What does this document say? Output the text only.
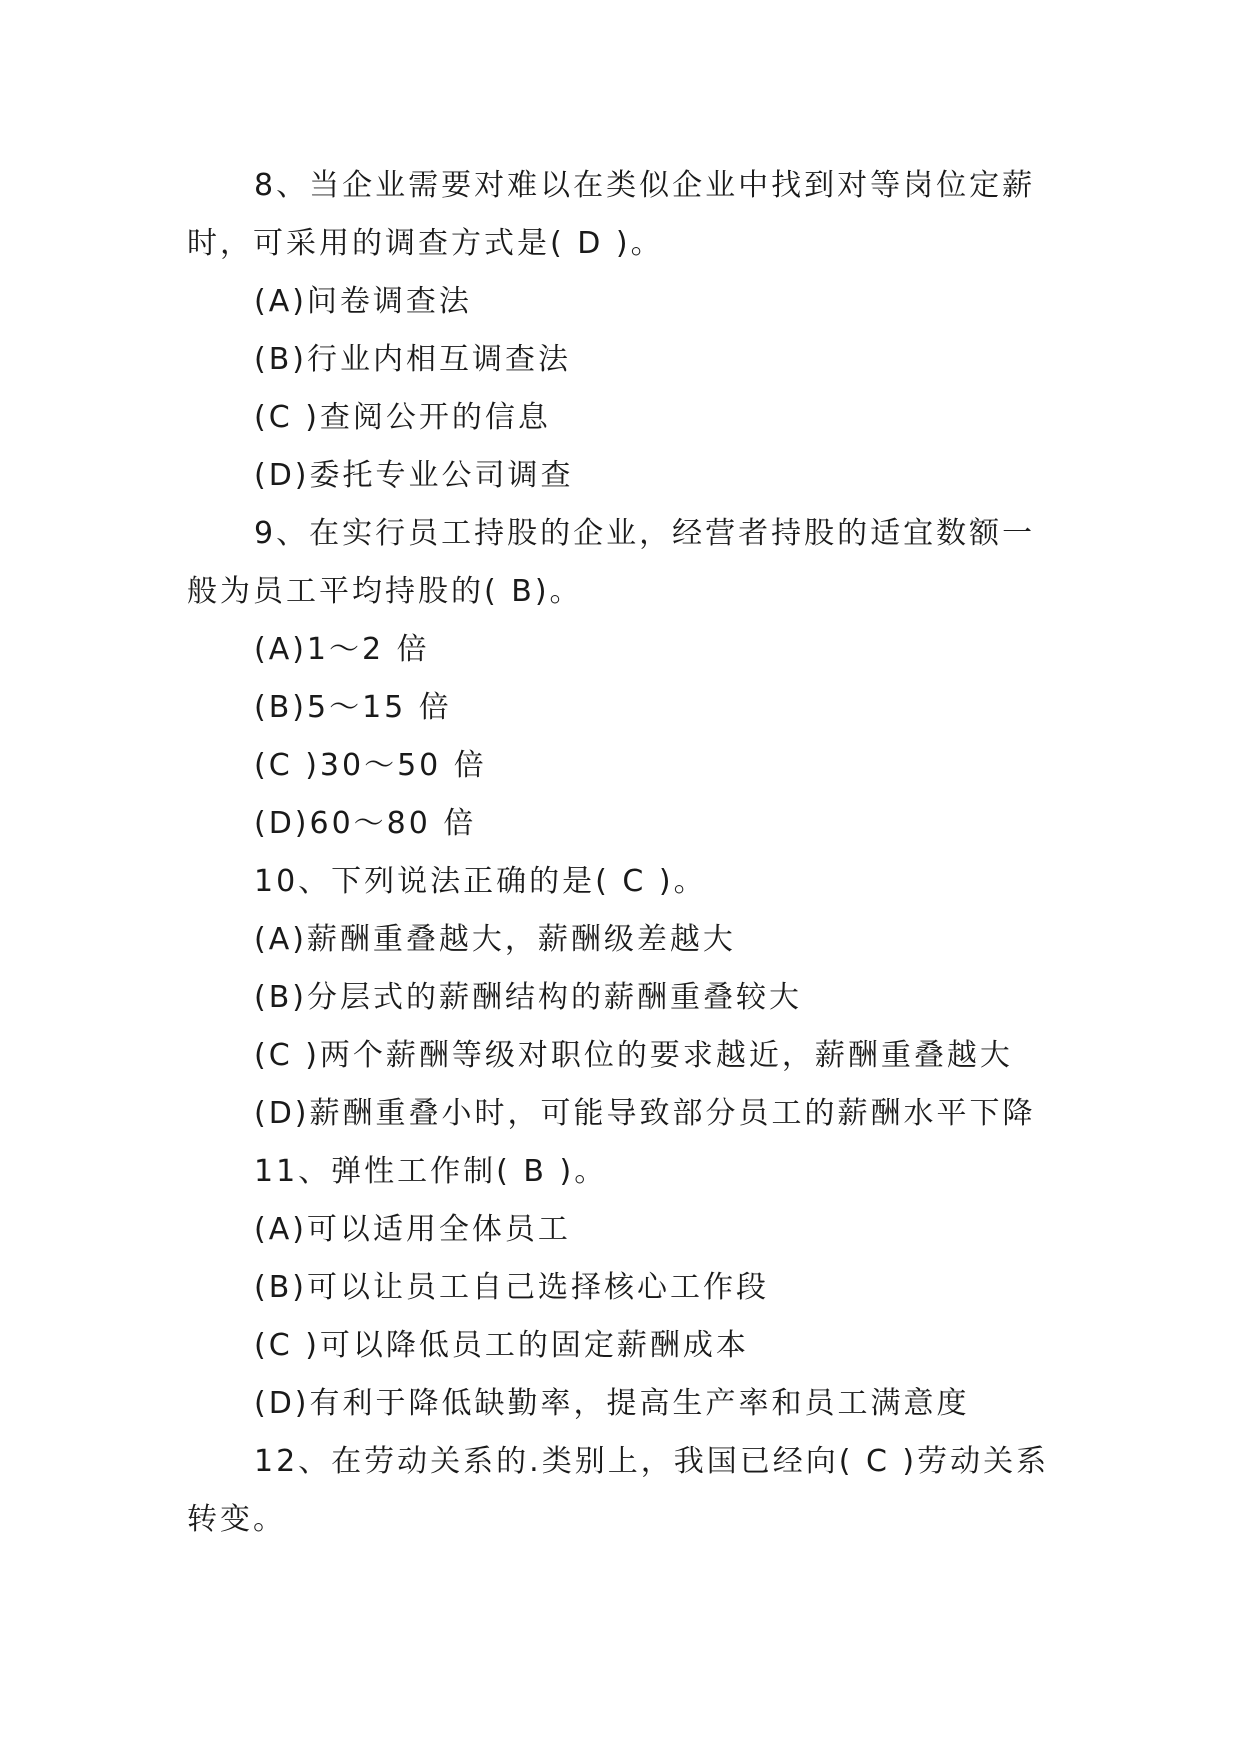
8、当企业需要对难以在类似企业中找到对等岗位定薪
时，可采用的调查方式是( D )。
(A)问卷调查法
(B)行业内相互调查法
(C )查阅公开的信息
(D)委托专业公司调查
9、在实行员工持股的企业，经营者持股的适宜数额一
般为员工平均持股的( B)。
(A)1～2 倍
(B)5～15 倍
(C )30～50 倍
(D)60～80 倍
10、下列说法正确的是( C )。
(A)薪酬重叠越大，薪酬级差越大
(B)分层式的薪酬结构的薪酬重叠较大
(C )两个薪酬等级对职位的要求越近，薪酬重叠越大
(D)薪酬重叠小时，可能导致部分员工的薪酬水平下降
11、弹性工作制( B )。
(A)可以适用全体员工
(B)可以让员工自己选择核心工作段
(C )可以降低员工的固定薪酬成本
(D)有利于降低缺勤率，提高生产率和员工满意度
12、在劳动关系的.类别上，我国已经向( C )劳动关系
转变。
